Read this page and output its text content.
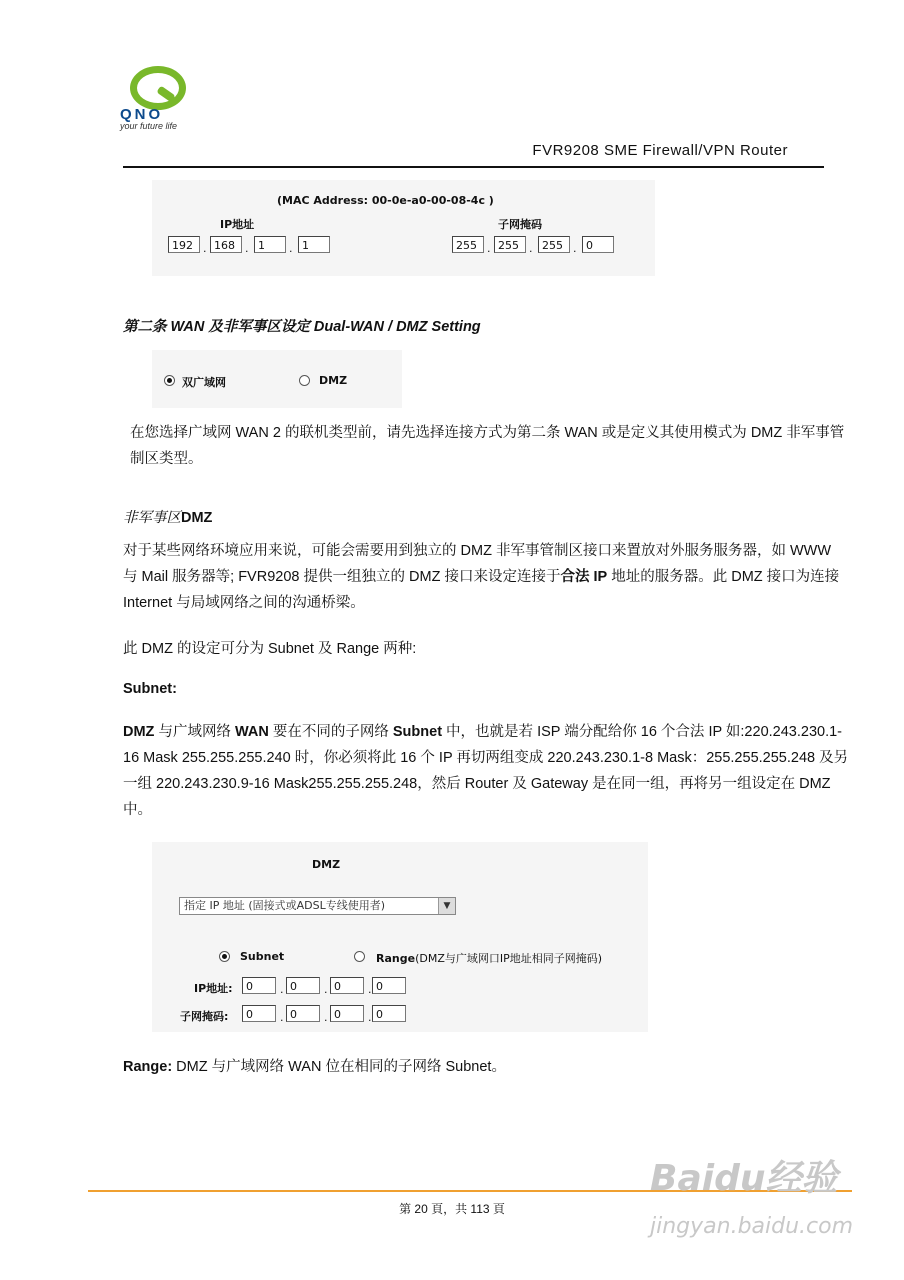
QNO
your future life
FVR9208 SME Firewall/VPN Router
(MAC Address: 00-0e-a0-00-08-4c )
IP地址	子网掩码
192 . 168 . 1	. 1	255 . 255 . 255 . 0
第二条 WAN 及非军事区设定 Dual-WAN / DMZ Setting
双广域网	DMZ
在您选择广域网 WAN 2 的联机类型前，请先选择连接方式为第二条 WAN 或是定义其使用模式为 DMZ 非军事管制区类型。
非军事区DMZ
对于某些网络环境应用来说，可能会需要用到独立的 DMZ 非军事管制区接口来置放对外服务服务器，如 WWW 与 Mail 服务器等; FVR9208 提供一组独立的 DMZ 接口来设定连接于合法 IP 地址的服务器。此 DMZ 接口为连接 Internet 与局域网络之间的沟通桥梁。
此 DMZ 的设定可分为 Subnet 及 Range 两种:
Subnet:
DMZ 与广域网络 WAN 要在不同的子网络 Subnet 中，也就是若 ISP 端分配给你 16 个合法 IP 如:220.243.230.1-16 Mask 255.255.255.240 时，你必须将此 16 个 IP 再切两组变成 220.243.230.1-8 Mask：255.255.255.248 及另一组 220.243.230.9-16 Mask255.255.255.248，然后 Router 及 Gateway 是在同一组，再将另一组设定在 DMZ 中。
DMZ
指定 IP 地址 (固接式或ADSL专线使用者)	▼
Subnet	Range(DMZ与广域网口IP地址相同子网掩码)
IP地址:	0	. 0	. 0	. 0
子网掩码:	0	. 0	. 0	. 0
Range: DMZ 与广域网络 WAN 位在相同的子网络 Subnet。
第 20 頁，共 113 頁
Baidu经验
jingyan.baidu.com
